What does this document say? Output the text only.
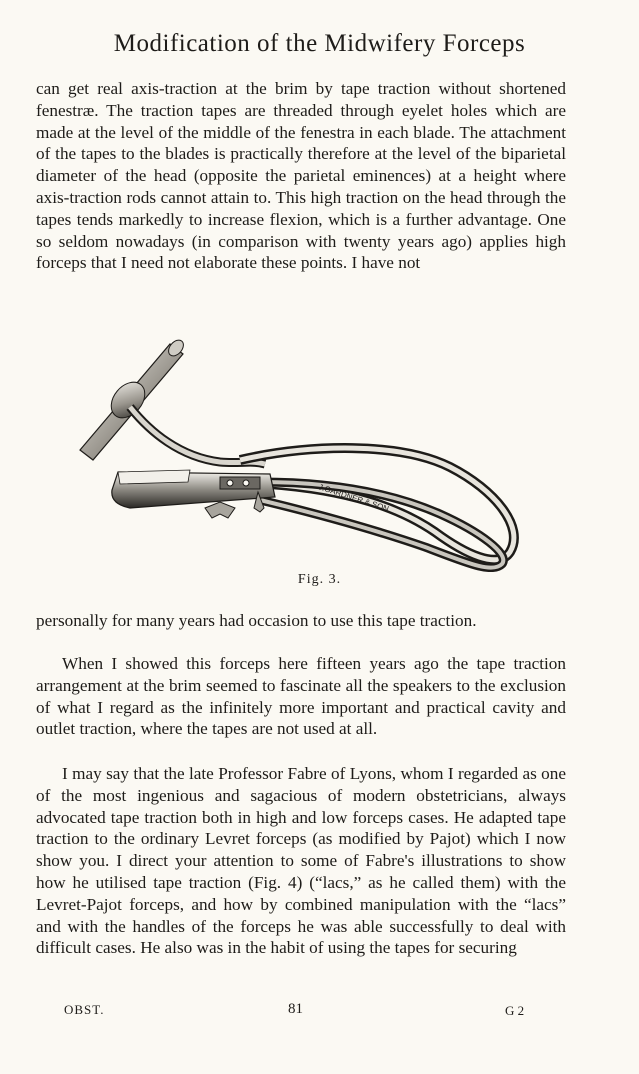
Modification of the Midwifery Forceps

can get real axis-traction at the brim by tape traction without shortened fenestræ. The traction tapes are threaded through eyelet holes which are made at the level of the middle of the fenestra in each blade. The attachment of the tapes to the blades is practically therefore at the level of the biparietal diameter of the head (opposite the parietal eminences) at a height where axis-traction rods cannot attain to. This high traction on the head through the tapes tends markedly to increase flexion, which is a further advantage. One so seldom nowadays (in comparison with twenty years ago) applies high forceps that I need not elaborate these points. I have not

J.GARDNER & SON
Fig. 3.

personally for many years had occasion to use this tape traction.

When I showed this forceps here fifteen years ago the tape traction arrangement at the brim seemed to fascinate all the speakers to the exclusion of what I regard as the infinitely more important and practical cavity and outlet traction, where the tapes are not used at all.

I may say that the late Professor Fabre of Lyons, whom I regarded as one of the most ingenious and sagacious of modern obstetricians, always advocated tape traction both in high and low forceps cases. He adapted tape traction to the ordinary Levret forceps (as modified by Pajot) which I now show you. I direct your attention to some of Fabre's illustrations to show how he utilised tape traction (Fig. 4) (“lacs,” as he called them) with the Levret-Pajot forceps, and how by combined manipulation with the “lacs” and with the handles of the forceps he was able successfully to deal with difficult cases. He also was in the habit of using the tapes for securing

OBST.	81	G 2
